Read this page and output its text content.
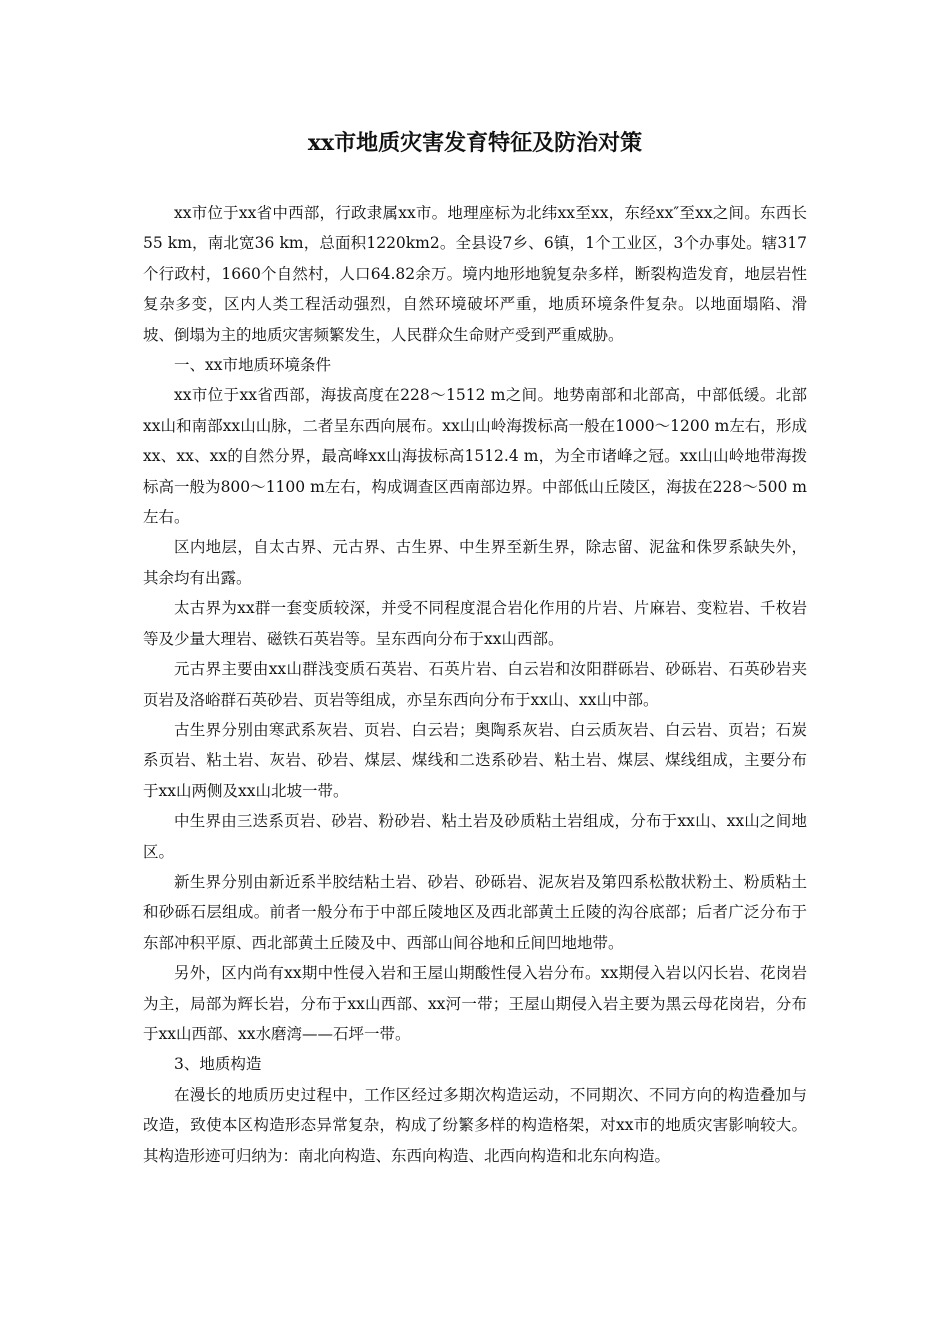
xx市地质灾害发育特征及防治对策

xx市位于xx省中西部，行政隶属xx市。地理座标为北纬xx至xx，东经xx″至xx之间。东西长55 km，南北宽36 km，总面积1220km2。全县设7乡、6镇，1个工业区，3个办事处。辖317个行政村，1660个自然村，人口64.82余万。境内地形地貌复杂多样，断裂构造发育，地层岩性复杂多变，区内人类工程活动强烈，自然环境破坏严重，地质环境条件复杂。以地面塌陷、滑坡、倒塌为主的地质灾害频繁发生，人民群众生命财产受到严重威胁。

一、xx市地质环境条件

xx市位于xx省西部，海拔高度在228～1512 m之间。地势南部和北部高，中部低缓。北部xx山和南部xx山山脉，二者呈东西向展布。xx山山岭海拨标高一般在1000～1200 m左右，形成xx、xx、xx的自然分界，最高峰xx山海拔标高1512.4 m，为全市诸峰之冠。xx山山岭地带海拨标高一般为800～1100 m左右，构成调查区西南部边界。中部低山丘陵区，海拔在228～500 m左右。

区内地层，自太古界、元古界、古生界、中生界至新生界，除志留、泥盆和侏罗系缺失外，其余均有出露。

太古界为xx群一套变质较深，并受不同程度混合岩化作用的片岩、片麻岩、变粒岩、千枚岩等及少量大理岩、磁铁石英岩等。呈东西向分布于xx山西部。

元古界主要由xx山群浅变质石英岩、石英片岩、白云岩和汝阳群砾岩、砂砾岩、石英砂岩夹页岩及洛峪群石英砂岩、页岩等组成，亦呈东西向分布于xx山、xx山中部。

古生界分别由寒武系灰岩、页岩、白云岩；奥陶系灰岩、白云质灰岩、白云岩、页岩；石炭系页岩、粘土岩、灰岩、砂岩、煤层、煤线和二迭系砂岩、粘土岩、煤层、煤线组成，主要分布于xx山两侧及xx山北坡一带。

中生界由三迭系页岩、砂岩、粉砂岩、粘土岩及砂质粘土岩组成，分布于xx山、xx山之间地区。

新生界分别由新近系半胶结粘土岩、砂岩、砂砾岩、泥灰岩及第四系松散状粉土、粉质粘土和砂砾石层组成。前者一般分布于中部丘陵地区及西北部黄土丘陵的沟谷底部；后者广泛分布于东部冲积平原、西北部黄土丘陵及中、西部山间谷地和丘间凹地地带。

另外，区内尚有xx期中性侵入岩和王屋山期酸性侵入岩分布。xx期侵入岩以闪长岩、花岗岩为主，局部为辉长岩，分布于xx山西部、xx河一带；王屋山期侵入岩主要为黑云母花岗岩，分布于xx山西部、xx水磨湾——石坪一带。

3、地质构造

在漫长的地质历史过程中，工作区经过多期次构造运动，不同期次、不同方向的构造叠加与改造，致使本区构造形态异常复杂，构成了纷繁多样的构造格架，对xx市的地质灾害影响较大。其构造形迹可归纳为：南北向构造、东西向构造、北西向构造和北东向构造。
